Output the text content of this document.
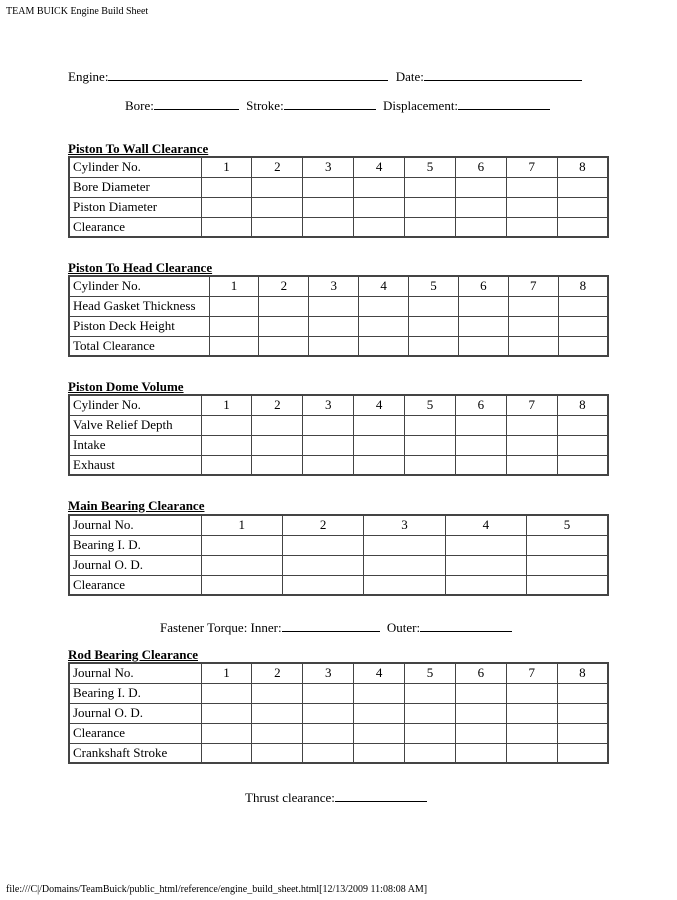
TEAM BUICK Engine Build Sheet
Engine:	Date:
Bore:	Stroke:	Displacement:
Piston To Wall Clearance
Cylinder No.	1	2	3	4	5	6	7	8
Bore Diameter								
Piston Diameter								
Clearance								
Piston To Head Clearance
Cylinder No.	1	2	3	4	5	6	7	8
Head Gasket Thickness								
Piston Deck Height								
Total Clearance								
Piston Dome Volume
Cylinder No.	1	2	3	4	5	6	7	8
Valve Relief Depth								
Intake								
Exhaust								
Main Bearing Clearance
Journal No.	1	2	3	4	5
Bearing I. D.					
Journal O. D.					
Clearance					
Fastener Torque: Inner:	Outer:
Rod Bearing Clearance
Journal No.	1	2	3	4	5	6	7	8
Bearing I. D.								
Journal O. D.								
Clearance								
Crankshaft Stroke								
Thrust clearance:
file:///C|/Domains/TeamBuick/public_html/reference/engine_build_sheet.html[12/13/2009 11:08:08 AM]
